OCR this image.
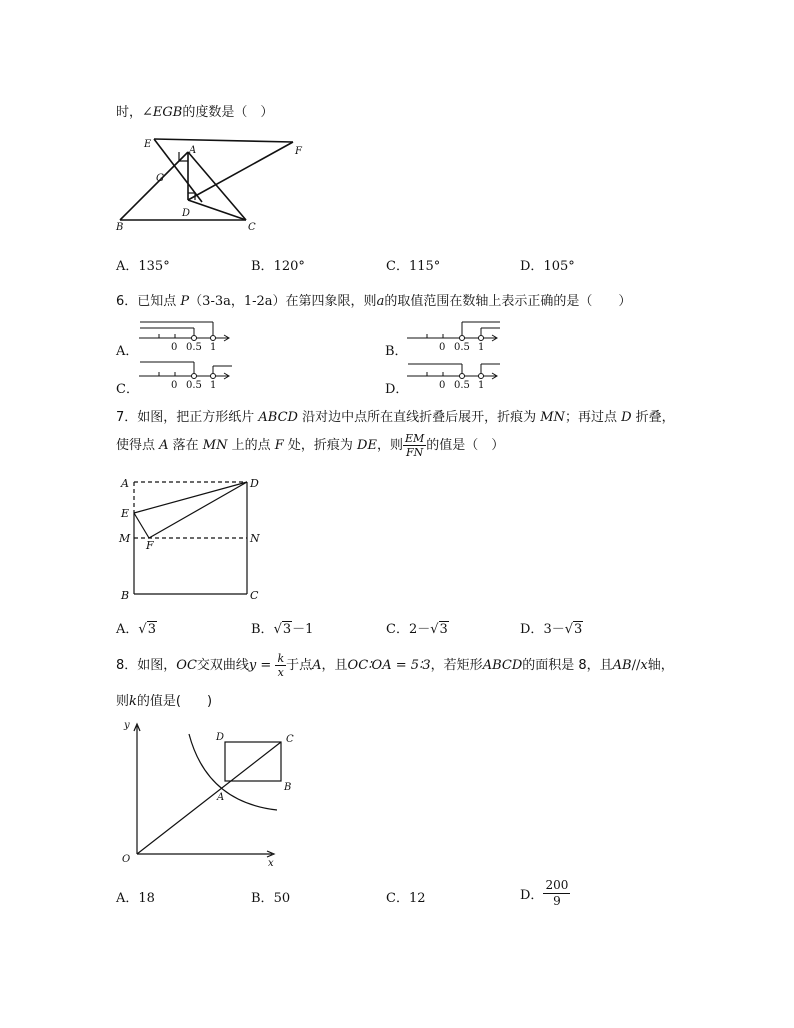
时，∠EGB的度数是（　）
E
A	F
G
B
D
C
A．135°	B．120°	C．115°	D．105°
6．已知点 P（3-3a，1-2a）在第四象限，则a的取值范围在数轴上表示正确的是（　　）
A．	B．
C．	D．
0 0.5 1	0 0.5 1
0 0.5 1	0 0.5 1
7．如图，把正方形纸片 ABCD 沿对边中点所在直线折叠后展开，折痕为 MN；再过点 D 折叠，
使得点 A 落在 MN 上的点 F 处，折痕为 DE，则 $\frac{EM}{FN}$ 的值是（　）
A	D
E
M
F
N
B	C
A．√3	B．√3－1	C．2－√3	D．3－√3
8．如图，OC交双曲线$y = \frac{k}{x}$ 于点A，且OC∶OA = 5∶3，若矩形ABCD的面积是 8，且AB//x轴，
则k的值是(　　)
y
x
O
A
B
C
D
A．18	B．50	C．12	D． $\frac{200}{9}$
